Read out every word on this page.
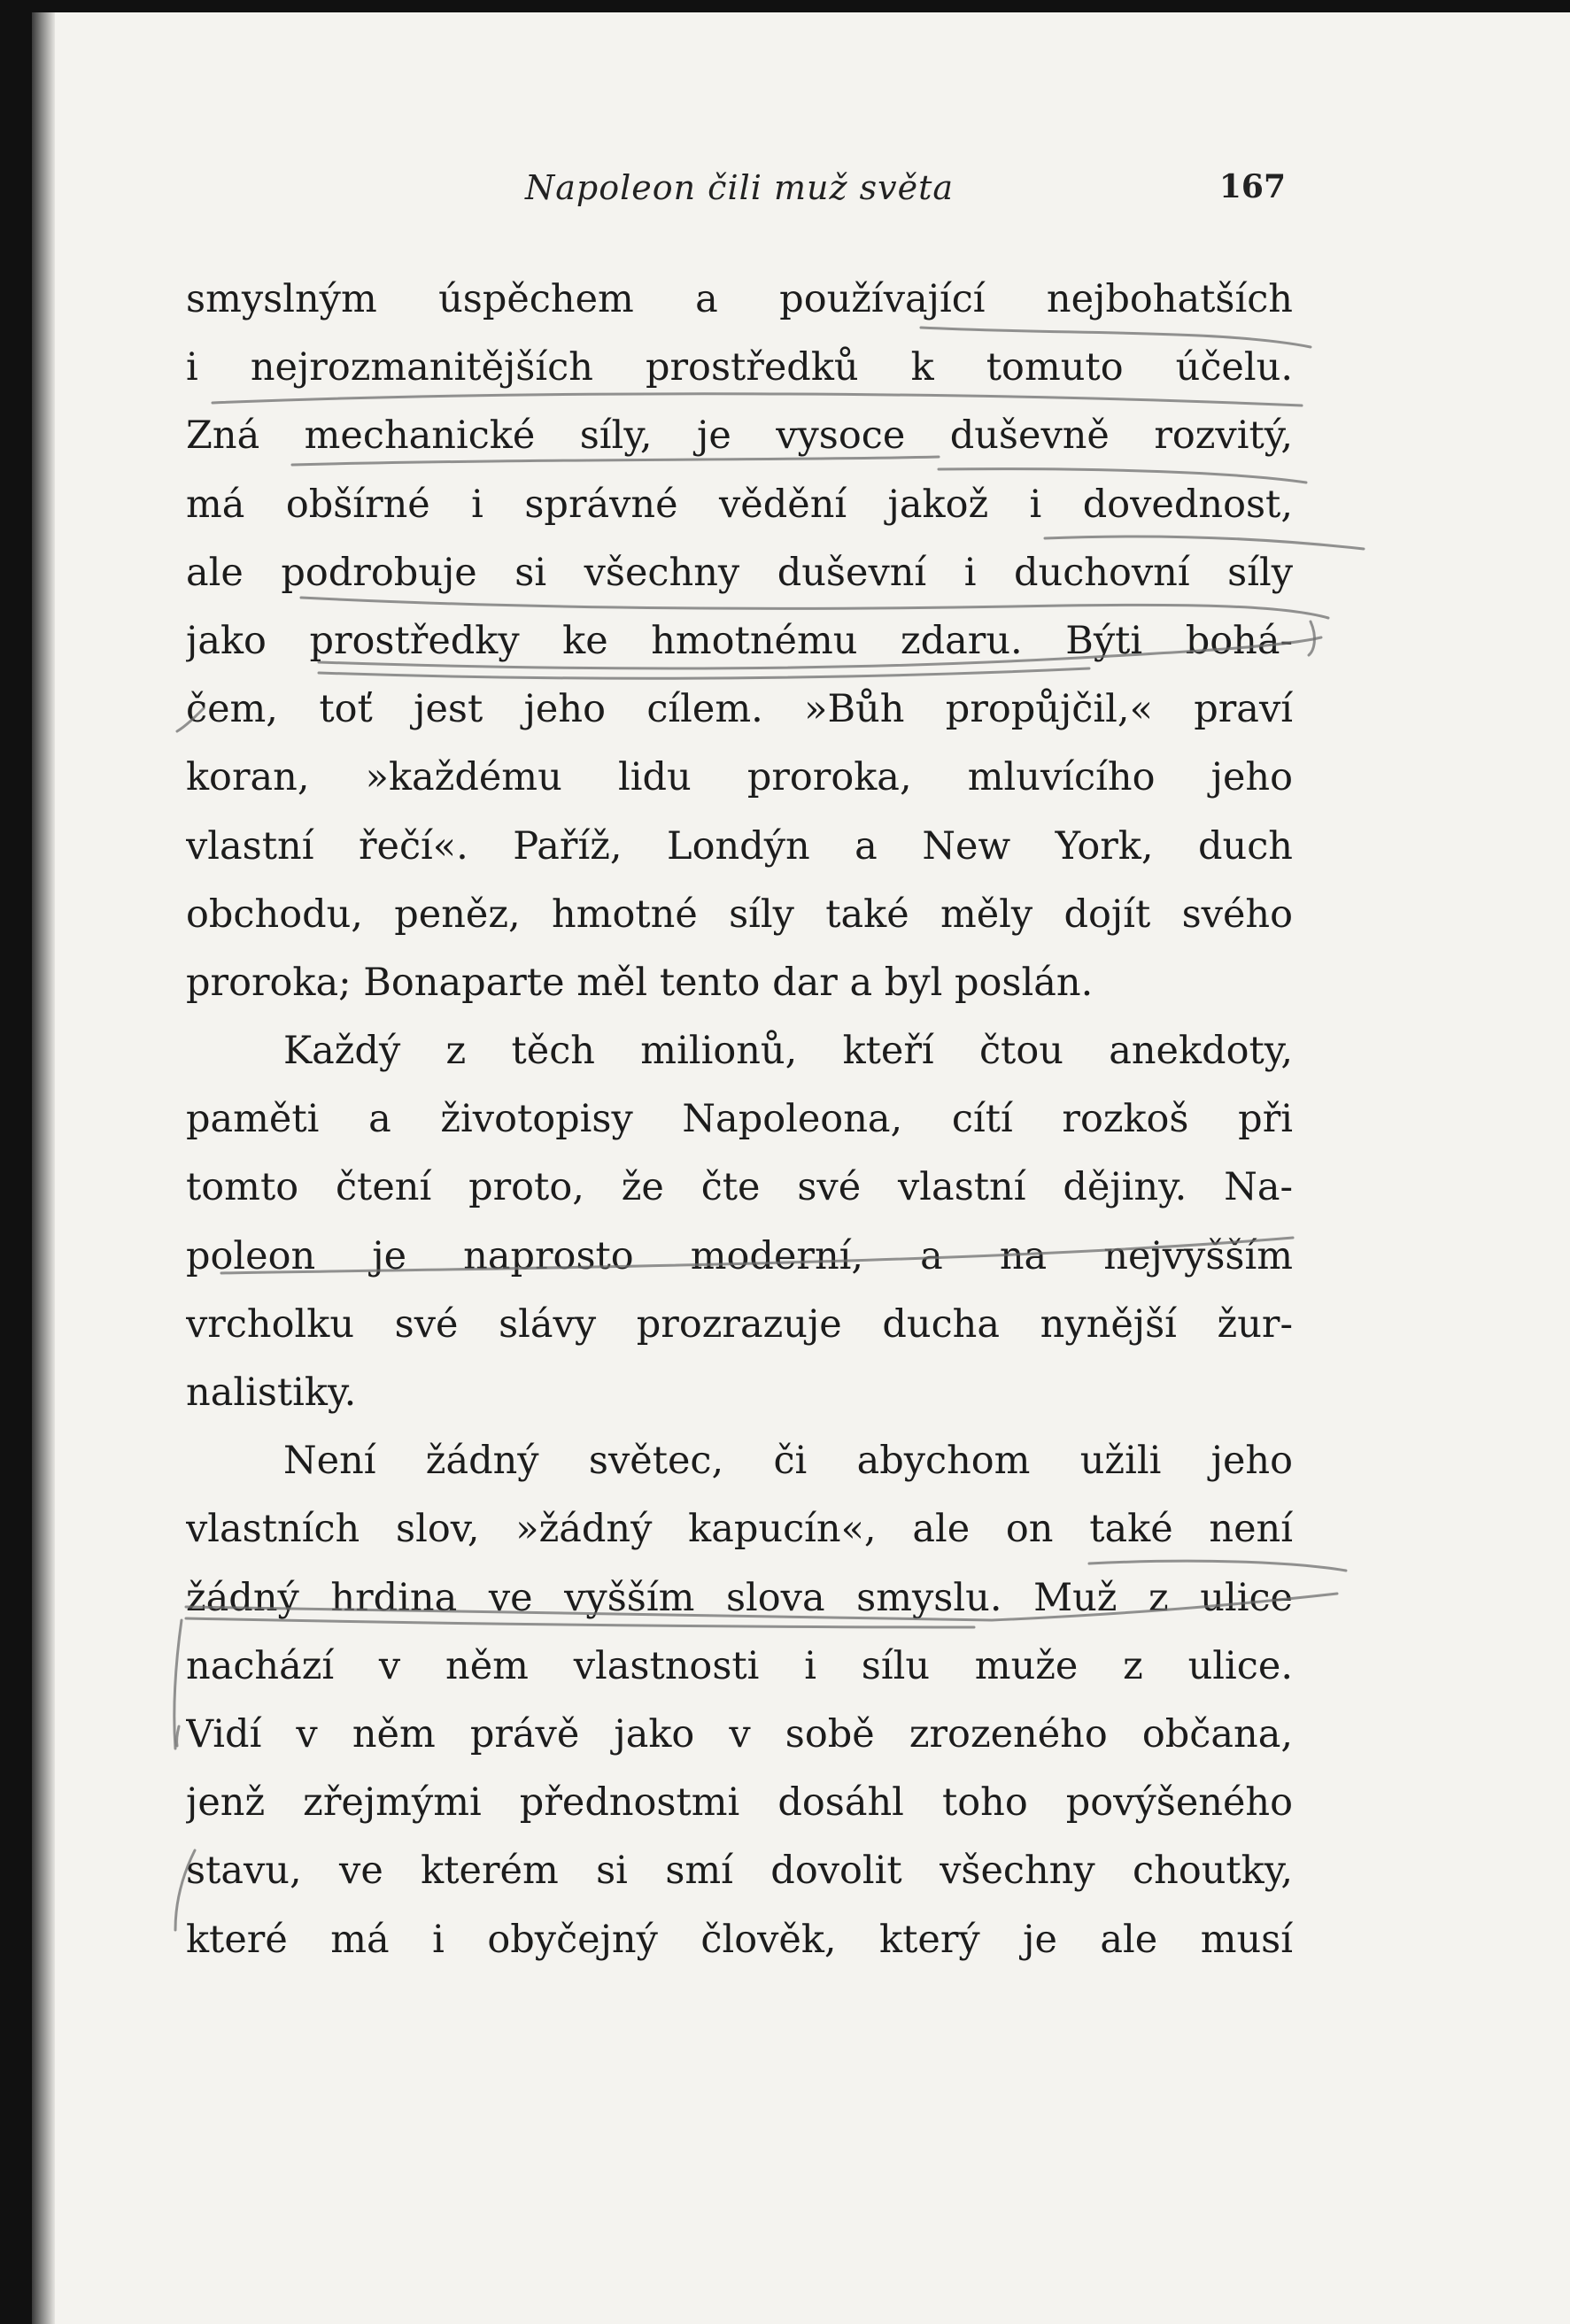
Napoleon čili muž světa	167
smyslným úspěchem a používající nejbohatších
i nejrozmanitějších prostředků k tomuto účelu.
Zná mechanické síly, je vysoce duševně rozvitý,
má obšírné i správné vědění jakož i dovednost,
ale podrobuje si všechny duševní i duchovní síly
jako prostředky ke hmotnému zdaru. Býti bohá-
čem, toť jest jeho cílem. »Bůh propůjčil,« praví
koran, »každému lidu proroka, mluvícího jeho
vlastní řečí«. Paříž, Londýn a New York, duch
obchodu, peněz, hmotné síly také měly dojít svého
proroka; Bonaparte měl tento dar a byl poslán.
Každý z těch milionů, kteří čtou anekdoty,
paměti a životopisy Napoleona, cítí rozkoš při
tomto čtení proto, že čte své vlastní dějiny. Na-
poleon je naprosto moderní, a na nejvyšším
vrcholku své slávy prozrazuje ducha nynější žur-
nalistiky.
Není žádný světec, či abychom užili jeho
vlastních slov, »žádný kapucín«, ale on také není
žádný hrdina ve vyšším slova smyslu. Muž z ulice
nachází v něm vlastnosti i sílu muže z ulice.
Vidí v něm právě jako v sobě zrozeného občana,
jenž zřejmými přednostmi dosáhl toho povýšeného
stavu, ve kterém si smí dovolit všechny choutky,
které má i obyčejný člověk, který je ale musí
